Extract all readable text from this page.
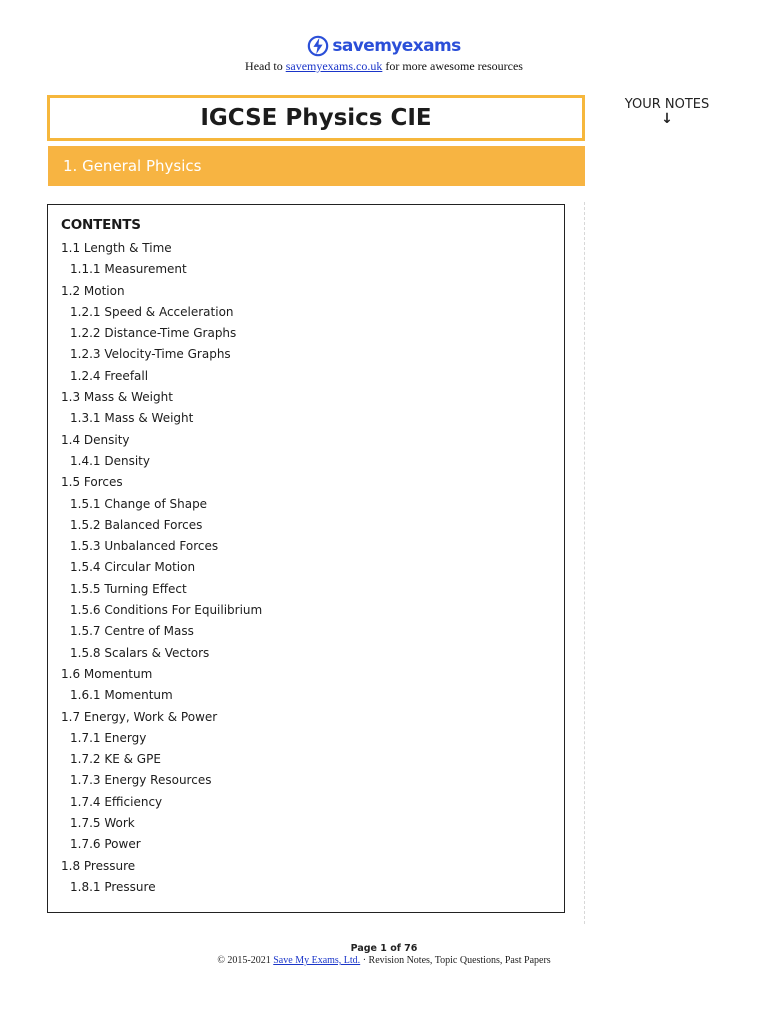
savemyexams
Head to savemyexams.co.uk for more awesome resources
IGCSE Physics CIE
1. General Physics
YOUR NOTES
↓
CONTENTS
1.1 Length & Time
1.1.1 Measurement
1.2 Motion
1.2.1 Speed & Acceleration
1.2.2 Distance-Time Graphs
1.2.3 Velocity-Time Graphs
1.2.4 Freefall
1.3 Mass & Weight
1.3.1 Mass & Weight
1.4 Density
1.4.1 Density
1.5 Forces
1.5.1 Change of Shape
1.5.2 Balanced Forces
1.5.3 Unbalanced Forces
1.5.4 Circular Motion
1.5.5 Turning Effect
1.5.6 Conditions For Equilibrium
1.5.7 Centre of Mass
1.5.8 Scalars & Vectors
1.6 Momentum
1.6.1 Momentum
1.7 Energy, Work & Power
1.7.1 Energy
1.7.2 KE & GPE
1.7.3 Energy Resources
1.7.4 Efficiency
1.7.5 Work
1.7.6 Power
1.8 Pressure
1.8.1 Pressure
Page 1 of 76
© 2015-2021 Save My Exams, Ltd. · Revision Notes, Topic Questions, Past Papers
